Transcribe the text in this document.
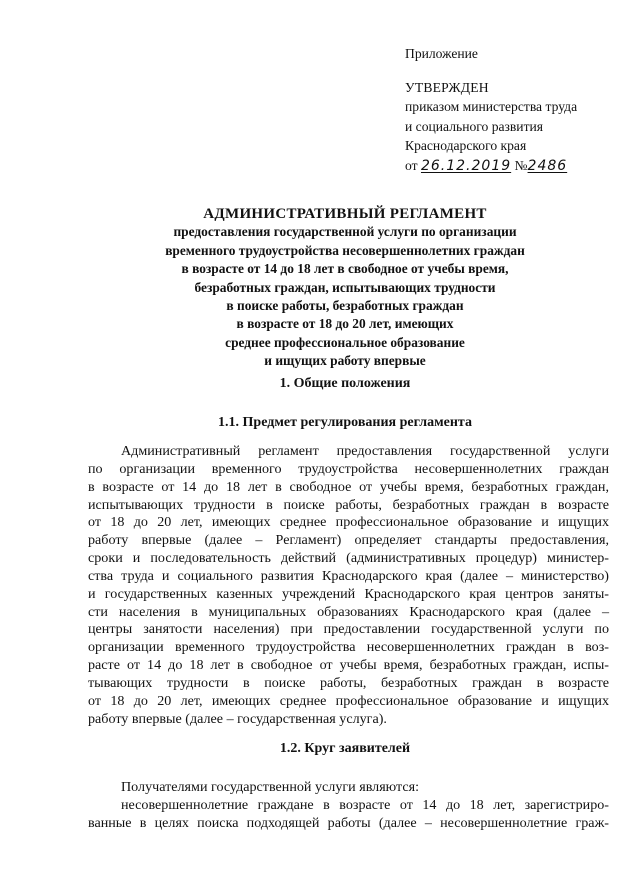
Приложение
УТВЕРЖДЕН
приказом министерства труда
и социального развития
Краснодарского края
от 26.12.2019 №2486
АДМИНИСТРАТИВНЫЙ РЕГЛАМЕНТ
предоставления государственной услуги по организации
временного трудоустройства несовершеннолетних граждан
в возрасте от 14 до 18 лет в свободное от учебы время,
безработных граждан, испытывающих трудности
в поиске работы, безработных граждан
в возрасте от 18 до 20 лет, имеющих
среднее профессиональное образование
и ищущих работу впервые
1. Общие положения
1.1. Предмет регулирования регламента
Административный регламент предоставления государственной услуги
по организации временного трудоустройства несовершеннолетних граждан
в возрасте от 14 до 18 лет в свободное от учебы время, безработных граждан,
испытывающих трудности в поиске работы, безработных граждан в возрасте
от 18 до 20 лет, имеющих среднее профессиональное образование и ищущих
работу впервые (далее – Регламент) определяет стандарты предоставления,
сроки и последовательность действий (административных процедур) министер-
ства труда и социального развития Краснодарского края (далее – министерство)
и государственных казенных учреждений Краснодарского края центров заняты-
сти населения в муниципальных образованиях Краснодарского края (далее –
центры занятости населения) при предоставлении государственной услуги по
организации временного трудоустройства несовершеннолетних граждан в воз-
расте от 14 до 18 лет в свободное от учебы время, безработных граждан, испы-
тывающих трудности в поиске работы, безработных граждан в возрасте
от 18 до 20 лет, имеющих среднее профессиональное образование и ищущих
работу впервые (далее – государственная услуга).
1.2. Круг заявителей
Получателями государственной услуги являются:
несовершеннолетние граждане в возрасте от 14 до 18 лет, зарегистриро-
ванные в целях поиска подходящей работы (далее – несовершеннолетние граж-
